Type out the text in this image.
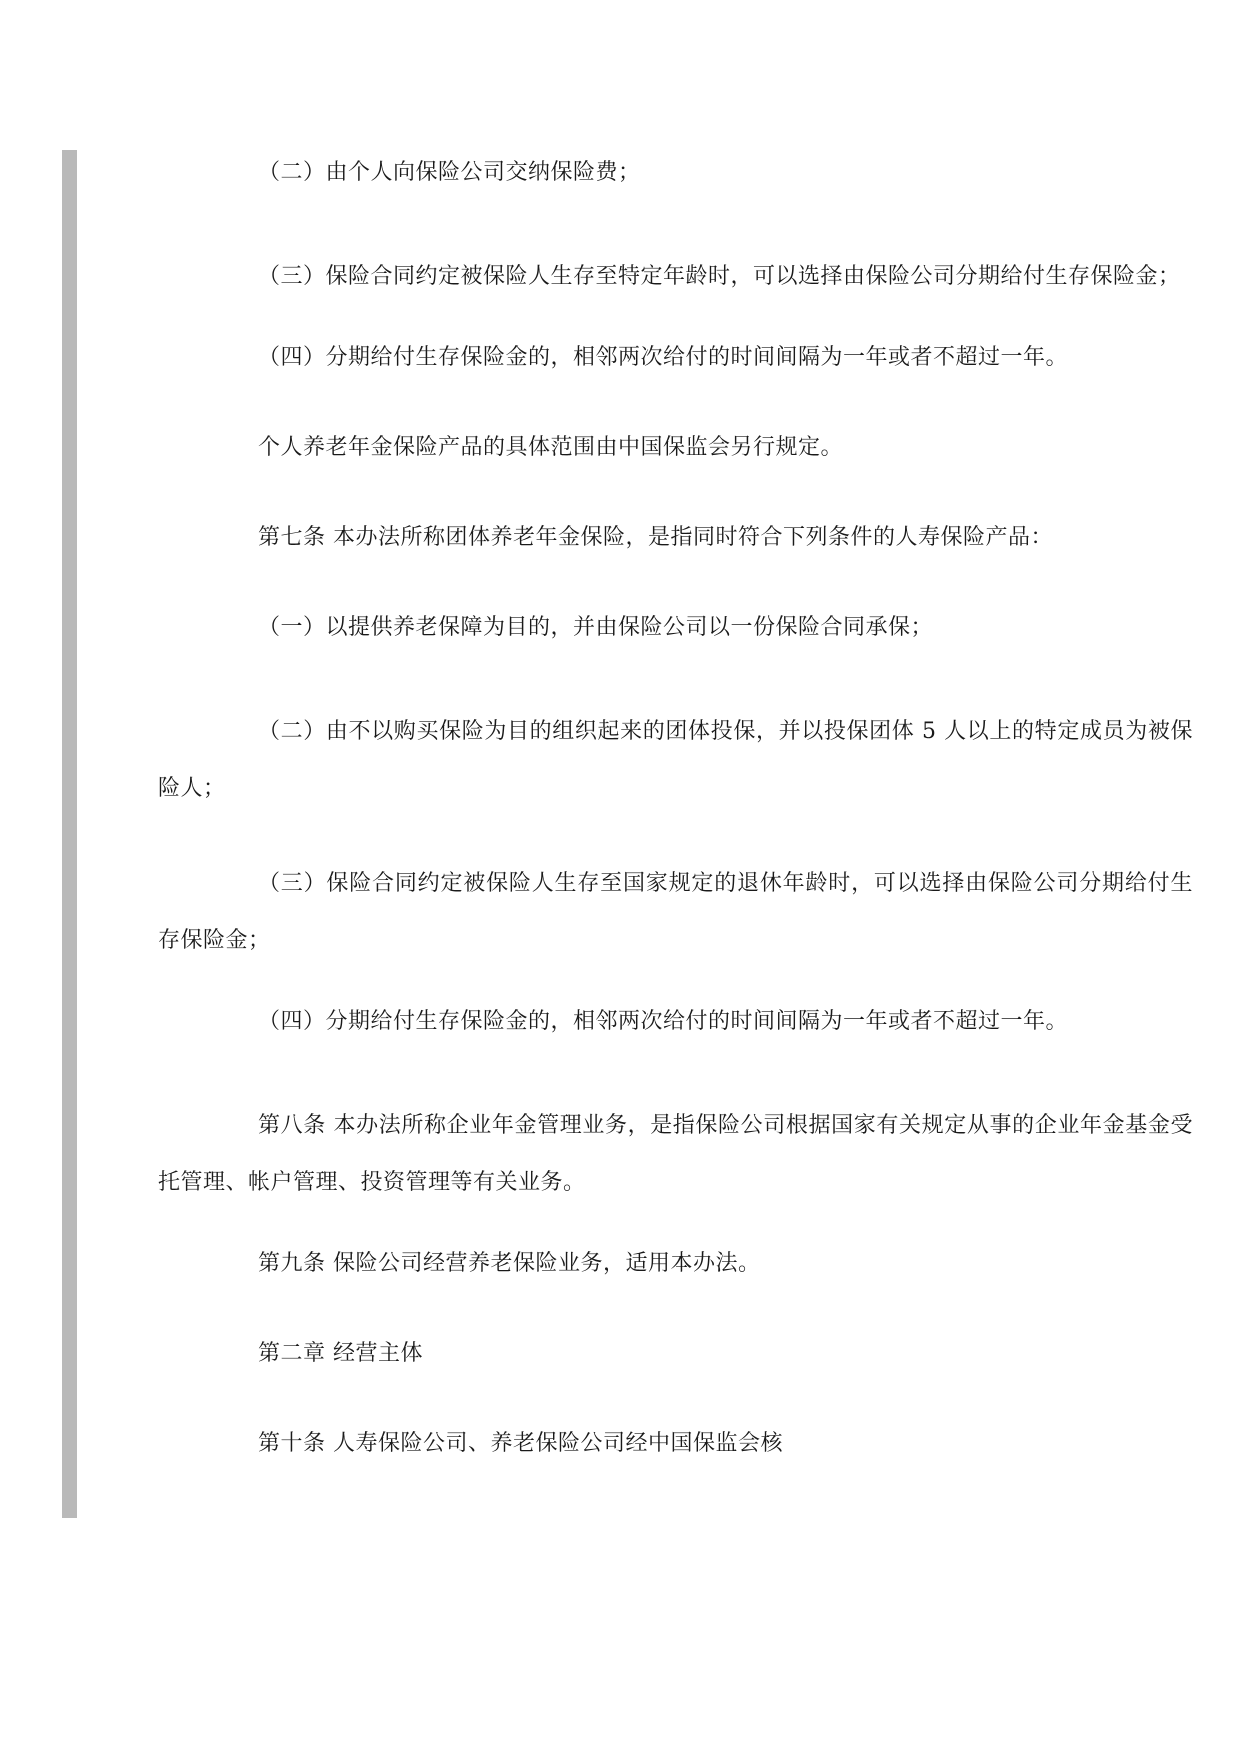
（二）由个人向保险公司交纳保险费；

（三）保险合同约定被保险人生存至特定年龄时，可以选择由保险公司分期给付生存保险金；

（四）分期给付生存保险金的，相邻两次给付的时间间隔为一年或者不超过一年。

个人养老年金保险产品的具体范围由中国保监会另行规定。

第七条 本办法所称团体养老年金保险，是指同时符合下列条件的人寿保险产品：

（一）以提供养老保障为目的，并由保险公司以一份保险合同承保；

（二）由不以购买保险为目的组织起来的团体投保，并以投保团体 5 人以上的特定成员为被保险人；

（三）保险合同约定被保险人生存至国家规定的退休年龄时，可以选择由保险公司分期给付生存保险金；

（四）分期给付生存保险金的，相邻两次给付的时间间隔为一年或者不超过一年。

第八条 本办法所称企业年金管理业务，是指保险公司根据国家有关规定从事的企业年金基金受托管理、帐户管理、投资管理等有关业务。

第九条 保险公司经营养老保险业务，适用本办法。

第二章 经营主体

第十条 人寿保险公司、养老保险公司经中国保监会核
